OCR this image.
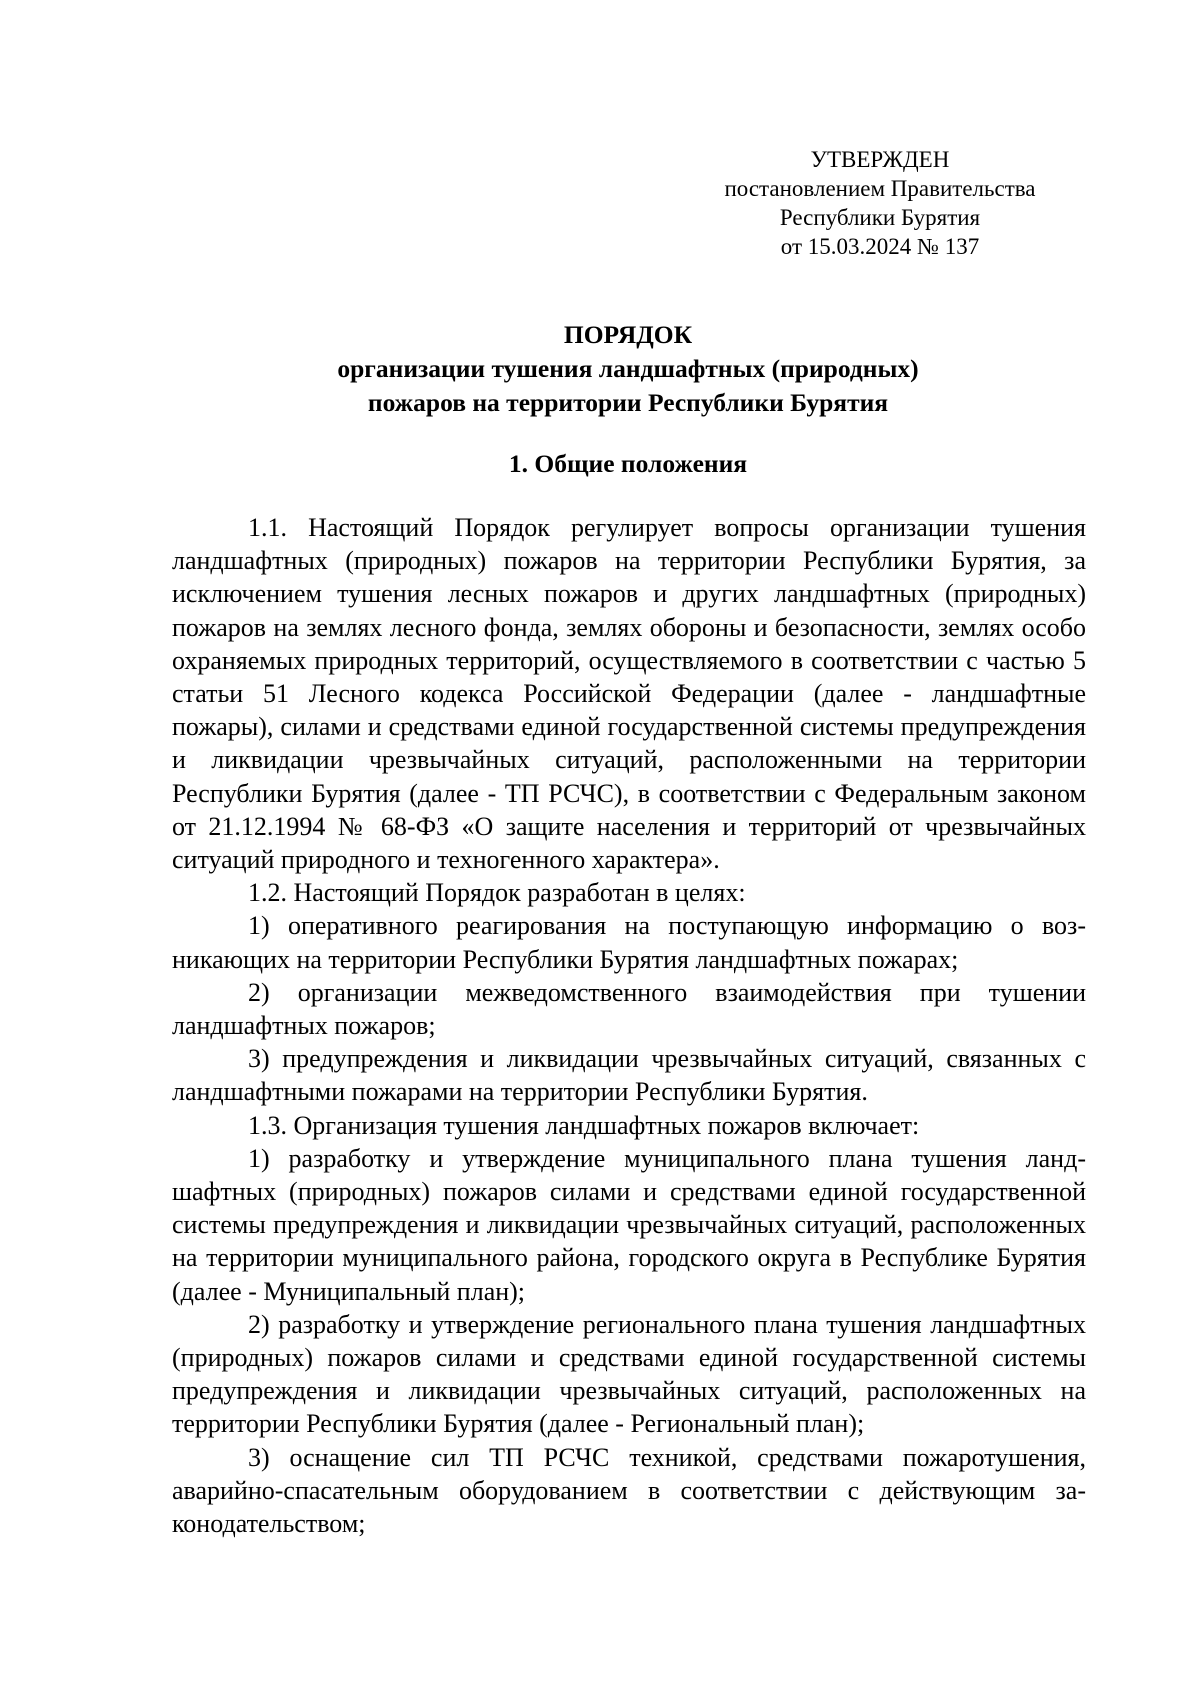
УТВЕРЖДЕН
постановлением Правительства
Республики Бурятия
от 15.03.2024 № 137
ПОРЯДОК
организации тушения ландшафтных (природных)
пожаров на территории Республики Бурятия
1. Общие положения

1.1. Настоящий Порядок регулирует вопросы организации тушения ландшафтных (природных) пожаров на территории Республики Бурятия, за исключением тушения лесных пожаров и других ландшафтных (природных) пожаров на землях лесного фонда, землях обороны и безопасности, землях особо охраняемых природных территорий, осуществляемого в соответствии с частью 5 статьи 51 Лесного кодекса Российской Федерации (далее - ландшафтные пожары), силами и средствами единой государственной системы предупреждения и ликвидации чрезвычайных ситуаций, расположенными на территории Республики Бурятия (далее - ТП РСЧС), в соответствии с Федеральным законом от 21.12.1994 № 68-ФЗ «О защите населения и территорий от чрезвычайных ситуаций природного и техногенного характера».

1.2. Настоящий Порядок разработан в целях:

1) оперативного реагирования на поступающую информацию о возникающих на территории Республики Бурятия ландшафтных пожарах;

2) организации межведомственного взаимодействия при тушении ландшафтных пожаров;

3) предупреждения и ликвидации чрезвычайных ситуаций, связанных с ландшафтными пожарами на территории Республики Бурятия.

1.3. Организация тушения ландшафтных пожаров включает:

1) разработку и утверждение муниципального плана тушения ландшафтных (природных) пожаров силами и средствами единой государственной системы предупреждения и ликвидации чрезвычайных ситуаций, расположенных на территории муниципального района, городского округа в Республике Бурятия (далее - Муниципальный план);

2) разработку и утверждение регионального плана тушения ландшафтных (природных) пожаров силами и средствами единой государственной системы предупреждения и ликвидации чрезвычайных ситуаций, расположенных на территории Республики Бурятия (далее - Региональный план);

3) оснащение сил ТП РСЧС техникой, средствами пожаротушения, аварийно-спасательным оборудованием в соответствии с действующим законодательством;
